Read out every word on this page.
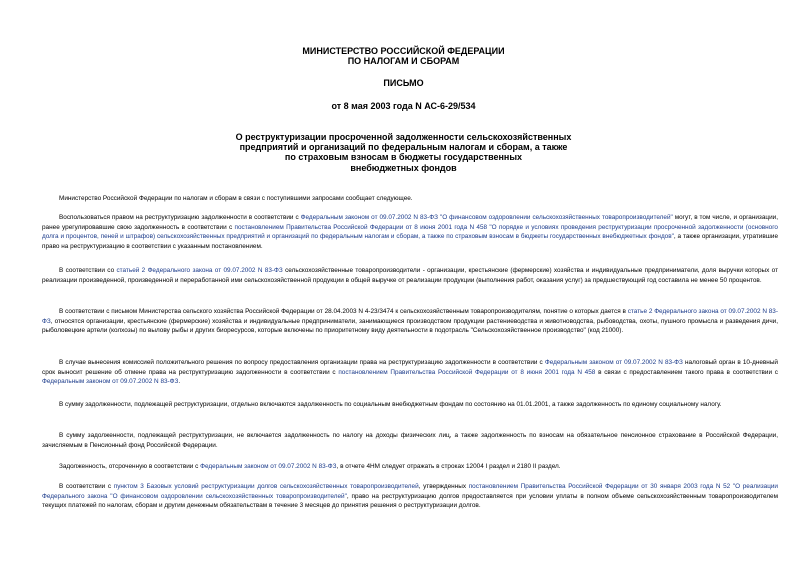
МИНИСТЕРСТВО РОССИЙСКОЙ ФЕДЕРАЦИИ
ПО НАЛОГАМ И СБОРАМ
ПИСЬМО
от 8 мая 2003 года N АС-6-29/534
О реструктуризации просроченной задолженности сельскохозяйственных
предприятий и организаций по федеральным налогам и сборам, а также
по страховым взносам в бюджеты государственных
внебюджетных фондов

Министерство Российской Федерации по налогам и сборам в связи с поступившими запросами сообщает следующее.

Воспользоваться правом на реструктуризацию задолженности в соответствии с Федеральным законом от 09.07.2002 N 83-ФЗ "О финансовом оздоровлении сельскохозяйственных товаропроизводителей" могут, в том числе, и организации, ранее урегулировавшие свою задолженность в соответствии с постановлением Правительства Российской Федерации от 8 июня 2001 года N 458 "О порядке и условиях проведения реструктуризации просроченной задолженности (основного долга и процентов, пеней и штрафов) сельскохозяйственных предприятий и организаций по федеральным налогам и сборам, а также по страховым взносам в бюджеты государственных внебюджетных фондов", а также организации, утратившие право на реструктуризацию в соответствии с указанным постановлением.

В соответствии со статьей 2 Федерального закона от 09.07.2002 N 83-ФЗ сельскохозяйственные товаропроизводители - организации, крестьянские (фермерские) хозяйства и индивидуальные предприниматели, доля выручки которых от реализации произведенной, произведенной и переработанной ими сельскохозяйственной продукции в общей выручке от реализации продукции (выполнения работ, оказания услуг) за предшествующий год составила не менее 50 процентов.

В соответствии с письмом Министерства сельского хозяйства Российской Федерации от 28.04.2003 N 4-23/3474 к сельскохозяйственным товаропроизводителям, понятие о которых дается в статье 2 Федерального закона от 09.07.2002 N 83-ФЗ, относятся организации, крестьянские (фермерские) хозяйства и индивидуальные предприниматели, занимающиеся производством продукции растениеводства и животноводства, рыбоводства, охоты, пушного промысла и разведения дичи, рыболовецкие артели (колхозы) по вылову рыбы и других биоресурсов, которые включены по приоритетному виду деятельности в подотрасль "Сельскохозяйственное производство" (код 21000).

В случае вынесения комиссией положительного решения по вопросу предоставления организации права на реструктуризацию задолженности в соответствии с Федеральным законом от 09.07.2002 N 83-ФЗ налоговый орган в 10-дневный срок выносит решение об отмене права на реструктуризацию задолженности в соответствии с постановлением Правительства Российской Федерации от 8 июня 2001 года N 458 в связи с предоставлением такого права в соответствии с Федеральным законом от 09.07.2002 N 83-ФЗ.

В сумму задолженности, подлежащей реструктуризации, отдельно включаются задолженность по социальным внебюджетным фондам по состоянию на 01.01.2001, а также задолженность по единому социальному налогу.

В сумму задолженности, подлежащей реструктуризации, не включается задолженность по налогу на доходы физических лиц, а также задолженность по взносам на обязательное пенсионное страхование в Российской Федерации, зачисляемым в Пенсионный фонд Российской Федерации.

Задолженность, отсроченную в соответствии с Федеральным законом от 09.07.2002 N 83-ФЗ, в отчете 4НМ следует отражать в строках 12004 I раздел и 2180 II раздел.

В соответствии с пунктом 3 Базовых условий реструктуризации долгов сельскохозяйственных товаропроизводителей, утвержденных постановлением Правительства Российской Федерации от 30 января 2003 года N 52 "О реализации Федерального закона "О финансовом оздоровлении сельскохозяйственных товаропроизводителей", право на реструктуризацию долгов предоставляется при условии уплаты в полном объеме сельскохозяйственным товаропроизводителем текущих платежей по налогам, сборам и другим денежным обязательствам в течение 3 месяцев до принятия решения о реструктуризации долгов.
